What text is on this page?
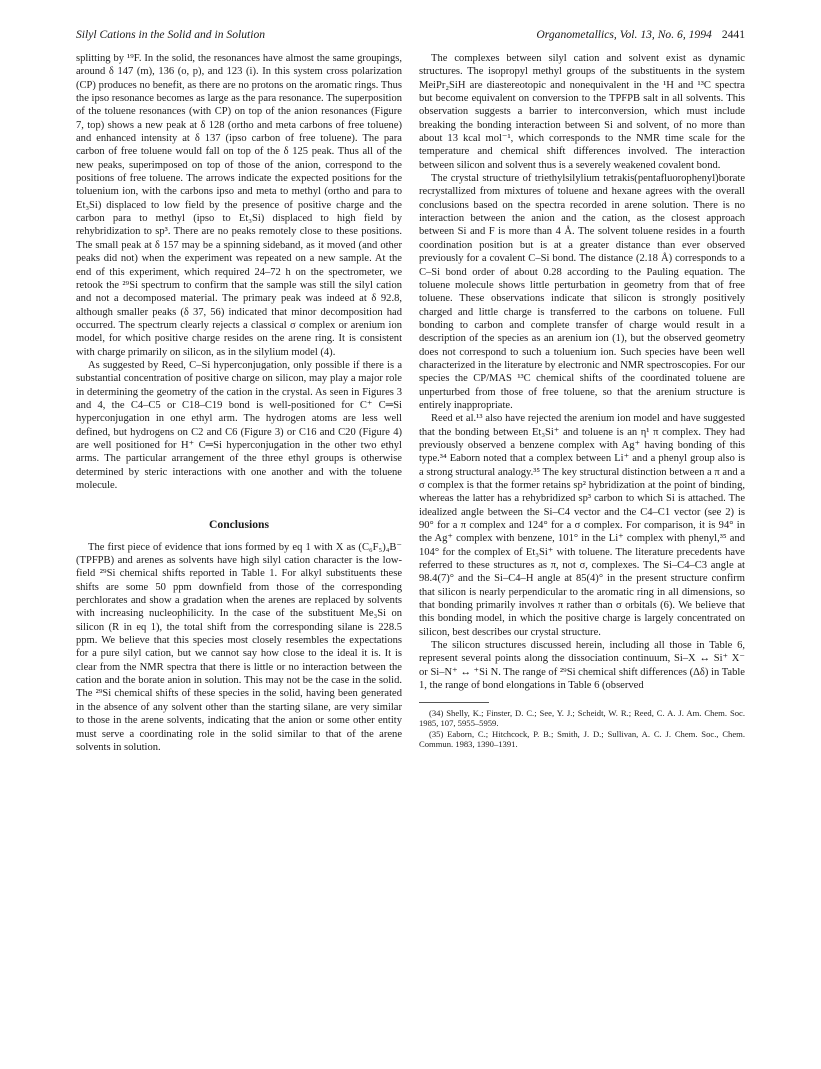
Silyl Cations in the Solid and in Solution	Organometallics, Vol. 13, No. 6, 1994 2441

splitting by ¹⁹F. In the solid, the resonances have almost the same groupings, around δ 147 (m), 136 (o, p), and 123 (i). In this system cross polarization (CP) produces no benefit, as there are no protons on the aromatic rings. Thus the ipso resonance becomes as large as the para resonance. The superposition of the toluene resonances (with CP) on top of the anion resonances (Figure 7, top) shows a new peak at δ 128 (ortho and meta carbons of free toluene) and enhanced intensity at δ 137 (ipso carbon of free toluene). The para carbon of free toluene would fall on top of the δ 125 peak. Thus all of the new peaks, superimposed on top of those of the anion, correspond to the positions of free toluene. The arrows indicate the expected positions for the toluenium ion, with the carbons ipso and meta to methyl (ortho and para to Et₃Si) displaced to low field by the presence of positive charge and the carbon para to methyl (ipso to Et₃Si) displaced to high field by rehybridization to sp³. There are no peaks remotely close to these positions. The small peak at δ 157 may be a spinning sideband, as it moved (and other peaks did not) when the experiment was repeated on a new sample. At the end of this experiment, which required 24–72 h on the spectrometer, we retook the ²⁹Si spectrum to confirm that the sample was still the silyl cation and not a decomposed material. The primary peak was indeed at δ 92.8, although smaller peaks (δ 37, 56) indicated that minor decomposition had occurred. The spectrum clearly rejects a classical σ complex or arenium ion model, for which positive charge resides on the arene ring. It is consistent with charge primarily on silicon, as in the silylium model (4).

As suggested by Reed, C–Si hyperconjugation, only possible if there is a substantial concentration of positive charge on silicon, may play a major role in determining the geometry of the cation in the crystal. As seen in Figures 3 and 4, the C4–C5 or C18–C19 bond is well-positioned for C⁺ C═Si hyperconjugation in one ethyl arm. The hydrogen atoms are less well defined, but hydrogens on C2 and C6 (Figure 3) or C16 and C20 (Figure 4) are well positioned for H⁺ C═Si hyperconjugation in the other two ethyl arms. The particular arrangement of the three ethyl groups is otherwise determined by steric interactions with one another and with the toluene molecule.

Conclusions

The first piece of evidence that ions formed by eq 1 with X as (C₆F₅)₄B⁻ (TPFPB) and arenes as solvents have high silyl cation character is the low-field ²⁹Si chemical shifts reported in Table 1. For alkyl substituents these shifts are some 50 ppm downfield from those of the corresponding perchlorates and show a gradation when the arenes are replaced by solvents with increasing nucleophilicity. In the case of the substituent Me₃Si on silicon (R in eq 1), the total shift from the corresponding silane is 228.5 ppm. We believe that this species most closely resembles the expectations for a pure silyl cation, but we cannot say how close to the ideal it is. It is clear from the NMR spectra that there is little or no interaction between the cation and the borate anion in solution. This may not be the case in the solid. The ²⁹Si chemical shifts of these species in the solid, having been generated in the absence of any solvent other than the starting silane, are very similar to those in the arene solvents, indicating that the anion or some other entity must serve a coordinating role in the solid similar to that of the arene solvents in solution.

The complexes between silyl cation and solvent exist as dynamic structures. The isopropyl methyl groups of the substituents in the system MeiPr₂SiH are diastereotopic and nonequivalent in the ¹H and ¹³C spectra but become equivalent on conversion to the TPFPB salt in all solvents. This observation suggests a barrier to interconversion, which must include breaking the bonding interaction between Si and solvent, of no more than about 13 kcal mol⁻¹, which corresponds to the NMR time scale for the temperature and chemical shift differences involved. The interaction between silicon and solvent thus is a severely weakened covalent bond.

The crystal structure of triethylsilylium tetrakis(pentafluorophenyl)borate recrystallized from mixtures of toluene and hexane agrees with the overall conclusions based on the spectra recorded in arene solution. There is no interaction between the anion and the cation, as the closest approach between Si and F is more than 4 Å. The solvent toluene resides in a fourth coordination position but is at a greater distance than ever observed previously for a covalent C–Si bond. The distance (2.18 Å) corresponds to a C–Si bond order of about 0.28 according to the Pauling equation. The toluene molecule shows little perturbation in geometry from that of free toluene. These observations indicate that silicon is strongly positively charged and little charge is transferred to the carbons on toluene. Full bonding to carbon and complete transfer of charge would result in a description of the species as an arenium ion (1), but the observed geometry does not correspond to such a toluenium ion. Such species have been well characterized in the literature by electronic and NMR spectroscopies. For our species the CP/MAS ¹³C chemical shifts of the coordinated toluene are unperturbed from those of free toluene, so that the arenium structure is entirely inappropriate.

Reed et al.¹³ also have rejected the arenium ion model and have suggested that the bonding between Et₃Si⁺ and toluene is an η¹ π complex. They had previously observed a benzene complex with Ag⁺ having bonding of this type.³⁴ Eaborn noted that a complex between Li⁺ and a phenyl group also is a strong structural analogy.³⁵ The key structural distinction between a π and a σ complex is that the former retains sp² hybridization at the point of binding, whereas the latter has a rehybridized sp³ carbon to which Si is attached. The idealized angle between the Si–C4 vector and the C4–C1 vector (see 2) is 90° for a π complex and 124° for a σ complex. For comparison, it is 94° in the Ag⁺ complex with benzene, 101° in the Li⁺ complex with phenyl,³⁵ and 104° for the complex of Et₃Si⁺ with toluene. The literature precedents have referred to these structures as π, not σ, complexes. The Si–C4–C3 angle at 98.4(7)° and the Si–C4–H angle at 85(4)° in the present structure confirm that silicon is nearly perpendicular to the aromatic ring in all dimensions, so that bonding primarily involves π rather than σ orbitals (6). We believe that this bonding model, in which the positive charge is largely concentrated on silicon, best describes our crystal structure.

The silicon structures discussed herein, including all those in Table 6, represent several points along the dissociation continuum, Si–X ↔ Si⁺ X⁻ or Si–N⁺ ↔ ⁺Si N. The range of ²⁹Si chemical shift differences (Δδ) in Table 1, the range of bond elongations in Table 6 (observed

(34) Shelly, K.; Finster, D. C.; See, Y. J.; Scheidt, W. R.; Reed, C. A. J. Am. Chem. Soc. 1985, 107, 5955–5959.

(35) Eaborn, C.; Hitchcock, P. B.; Smith, J. D.; Sullivan, A. C. J. Chem. Soc., Chem. Commun. 1983, 1390–1391.
